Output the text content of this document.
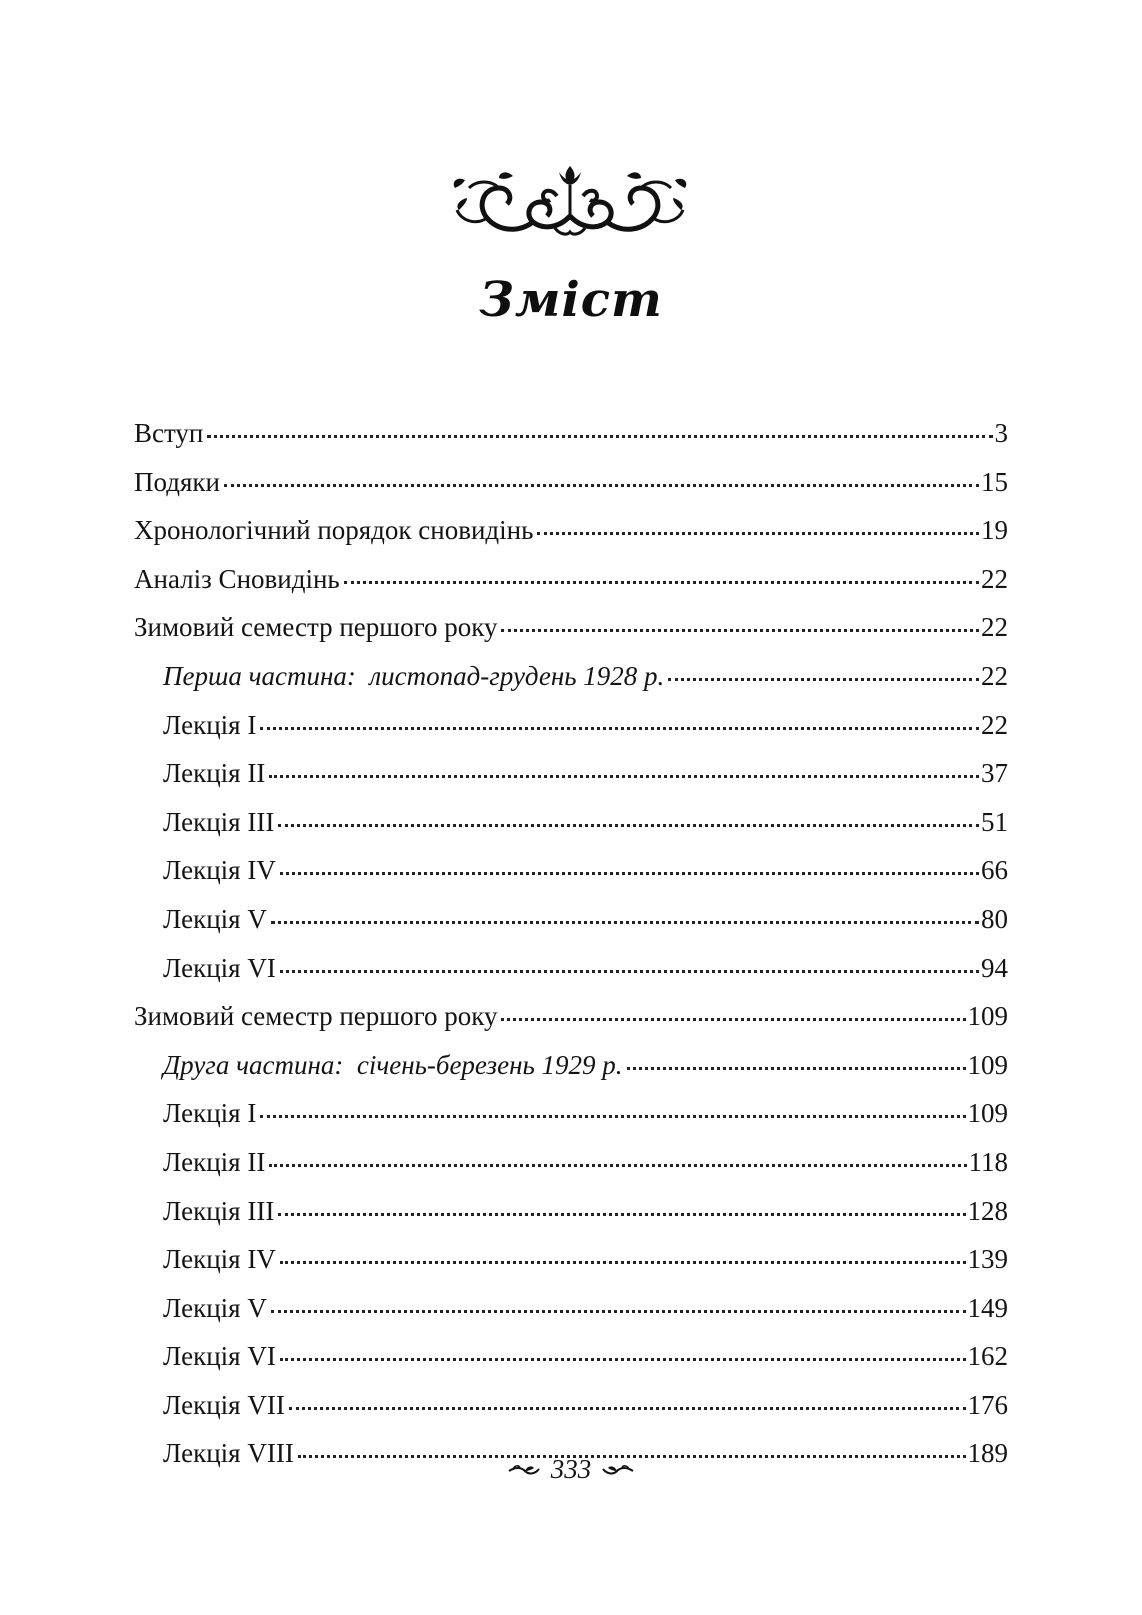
Зміст
Вступ	3
Подяки	15
Хронологічний порядок сновидінь	19
Аналіз Сновидінь	22
Зимовий семестр першого року	22
Перша частина:  листопад-грудень 1928 р.	22
Лекція I	22
Лекція II	37
Лекція III	51
Лекція IV	66
Лекція V	80
Лекція VI	94
Зимовий семестр першого року	109
Друга частина:  січень-березень 1929 р.	109
Лекція I	109
Лекція II	118
Лекція III	128
Лекція IV	139
Лекція V	149
Лекція VI	162
Лекція VII	176
Лекція VIII	189
333
